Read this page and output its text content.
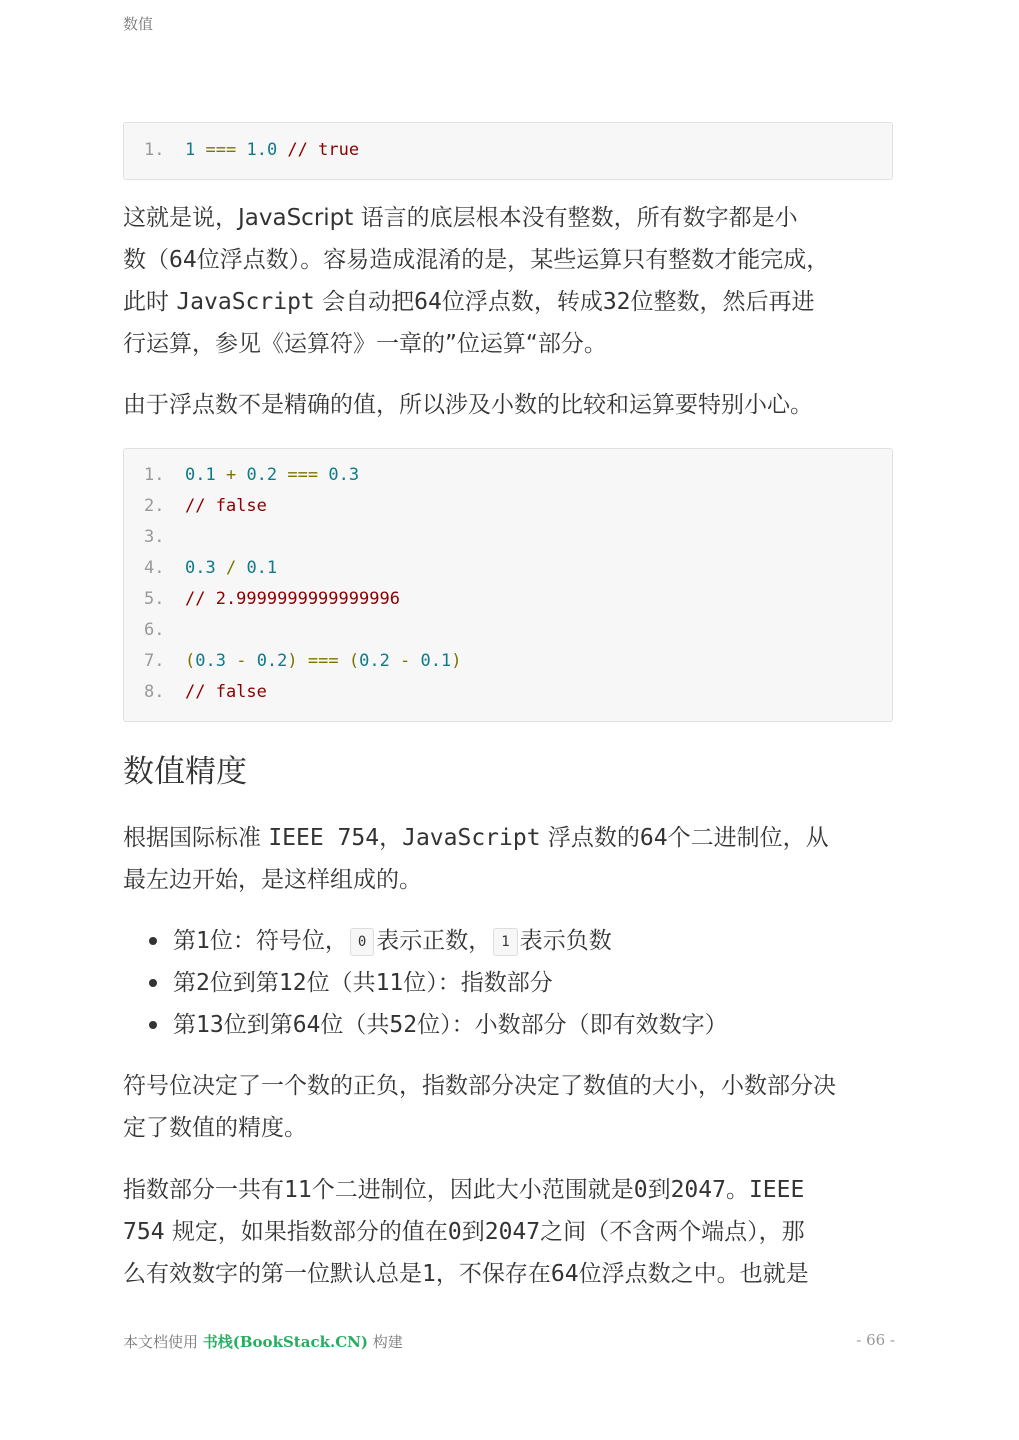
数值
1.	1 === 1.0 // true
这就是说，JavaScript 语言的底层根本没有整数，所有数字都是小
数（64位浮点数）。容易造成混淆的是，某些运算只有整数才能完成，
此时 JavaScript 会自动把64位浮点数，转成32位整数，然后再进
行运算，参见《运算符》一章的”位运算“部分。
由于浮点数不是精确的值，所以涉及小数的比较和运算要特别小心。
1.	0.1 + 0.2 === 0.3
2.	// false
3.
4.	0.3 / 0.1
5.	// 2.9999999999999996
6.
7.	(0.3 - 0.2) === (0.2 - 0.1)
8.	// false
数值精度
根据国际标准 IEEE 754，JavaScript 浮点数的64个二进制位，从
最左边开始，是这样组成的。
第1位：符号位， 0 表示正数， 1 表示负数
第2位到第12位（共11位）：指数部分
第13位到第64位（共52位）：小数部分（即有效数字）
符号位决定了一个数的正负，指数部分决定了数值的大小，小数部分决
定了数值的精度。
指数部分一共有11个二进制位，因此大小范围就是0到2047。IEEE
754 规定，如果指数部分的值在0到2047之间（不含两个端点），那
么有效数字的第一位默认总是1，不保存在64位浮点数之中。也就是
本文档使用 书栈(BookStack.CN) 构建	- 66 -
